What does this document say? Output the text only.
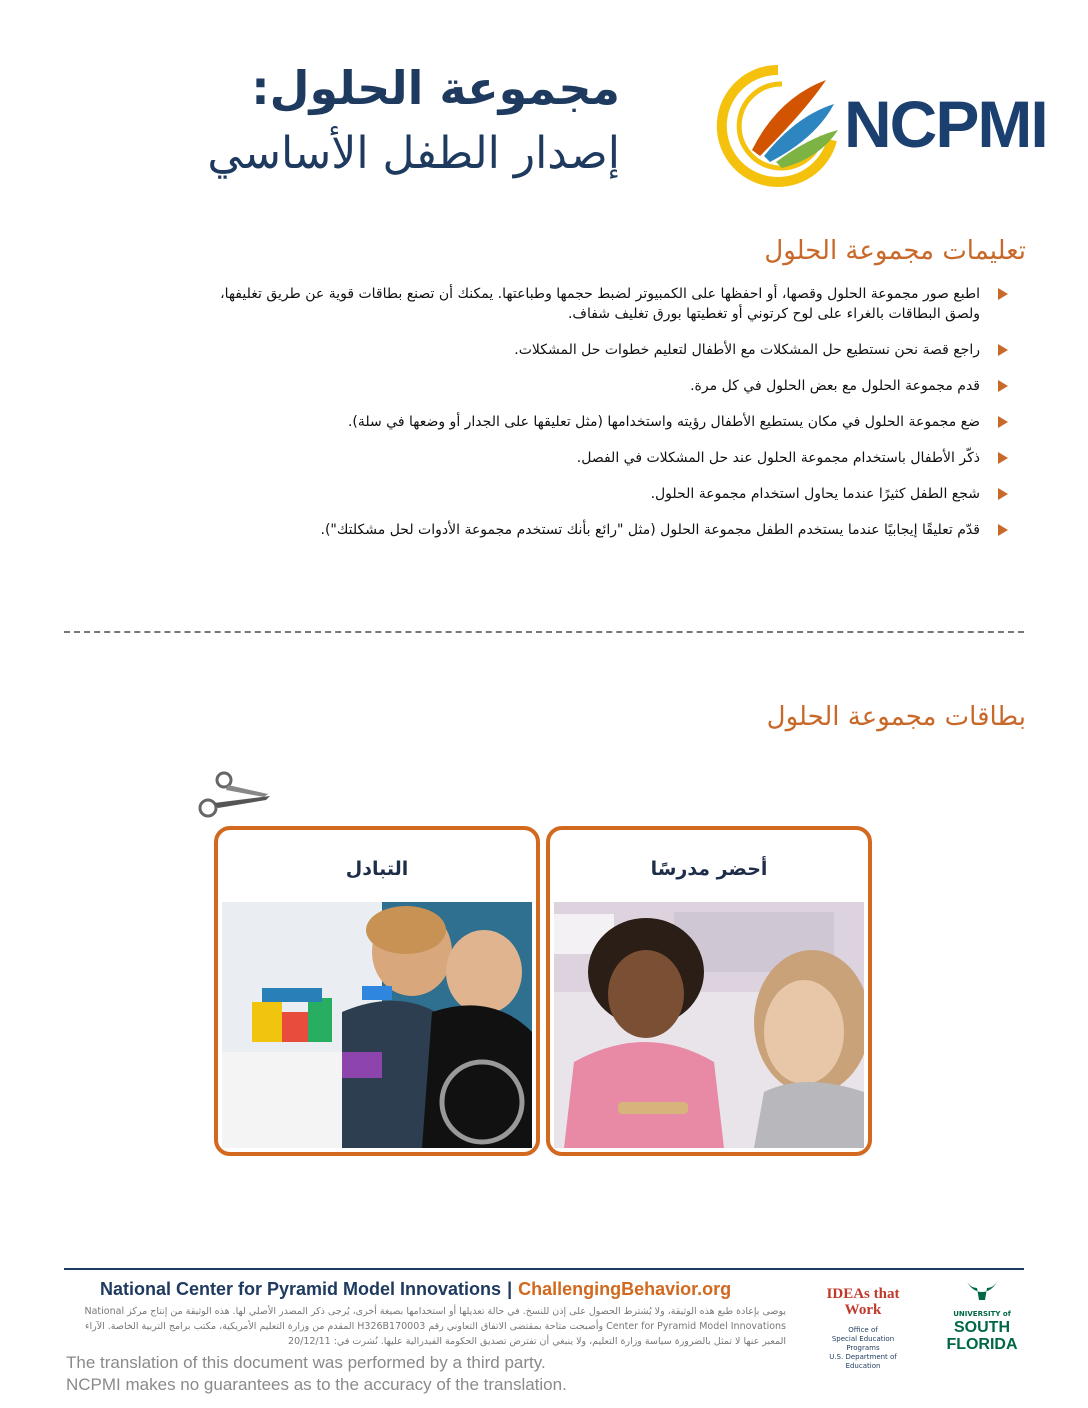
مجموعة الحلول:
إصدار الطفل الأساسي	NCPMI
تعليمات مجموعة الحلول
اطبع صور مجموعة الحلول وقصها، أو احفظها على الكمبيوتر لضبط حجمها وطباعتها. يمكنك أن تصنع بطاقات قوية عن طريق تغليفها، ولصق البطاقات بالغراء على لوح كرتوني أو تغطيتها بورق تغليف شفاف.
راجع قصة نحن نستطيع حل المشكلات مع الأطفال لتعليم خطوات حل المشكلات.
قدم مجموعة الحلول مع بعض الحلول في كل مرة.
ضع مجموعة الحلول في مكان يستطيع الأطفال رؤيته واستخدامها (مثل تعليقها على الجدار أو وضعها في سلة).
ذكّر الأطفال باستخدام مجموعة الحلول عند حل المشكلات في الفصل.
شجع الطفل كثيرًا عندما يحاول استخدام مجموعة الحلول.
قدّم تعليقًا إيجابيًا عندما يستخدم الطفل مجموعة الحلول (مثل "رائع بأنك تستخدم مجموعة الأدوات لحل مشكلتك").
بطاقات مجموعة الحلول
أحضر مدرسًا
التبادل
National Center for Pyramid Model Innovations | ChallengingBehavior.org
يوصى بإعادة طبع هذه الوثيقة، ولا يُشترط الحصول على إذن للنسخ. في حالة تعديلها أو استخدامها بصيغة أخرى، يُرجى ذكر المصدر الأصلي لها. هذه الوثيقة من إنتاج مركز National Center for Pyramid Model Innovations وأصبحت متاحة بمقتضى الاتفاق التعاوني رقم H326B170003 المقدم من وزارة التعليم الأمريكية، مكتب برامج التربية الخاصة. الآراء المعبر عنها لا تمثل بالضرورة سياسة وزارة التعليم، ولا ينبغي أن تفترض تصديق الحكومة الفيدرالية عليها. نُشرت في: 20/12/11
The translation of this document was performed by a third party.
NCPMI makes no guarantees as to the accuracy of the translation.
IDEAs that Work
Office of
Special Education Programs
U.S. Department of Education
UNIVERSITY of
SOUTH
FLORIDA
